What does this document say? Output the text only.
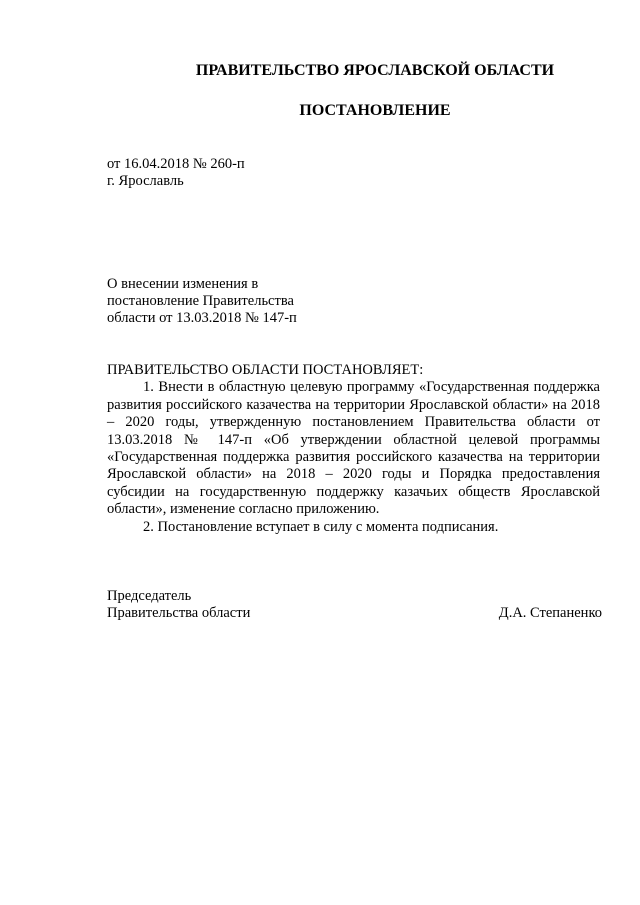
ПРАВИТЕЛЬСТВО ЯРОСЛАВСКОЙ ОБЛАСТИ
ПОСТАНОВЛЕНИЕ
от 16.04.2018 № 260-п
г. Ярославль
О внесении изменения в
постановление Правительства
области от 13.03.2018 № 147-п
ПРАВИТЕЛЬСТВО ОБЛАСТИ ПОСТАНОВЛЯЕТ:

1. Внести в областную целевую программу «Государственная поддержка развития российского казачества на территории Ярославской области» на 2018 – 2020 годы, утвержденную постановлением Правительства области от 13.03.2018 № 147-п «Об утверждении областной целевой программы «Государственная поддержка развития российского казачества на территории Ярославской области» на 2018 – 2020 годы и Порядка предоставления субсидии на государственную поддержку казачьих обществ Ярославской области», изменение согласно приложению.

2. Постановление вступает в силу с момента подписания.

Председатель
Правительства области	Д.А. Степаненко
